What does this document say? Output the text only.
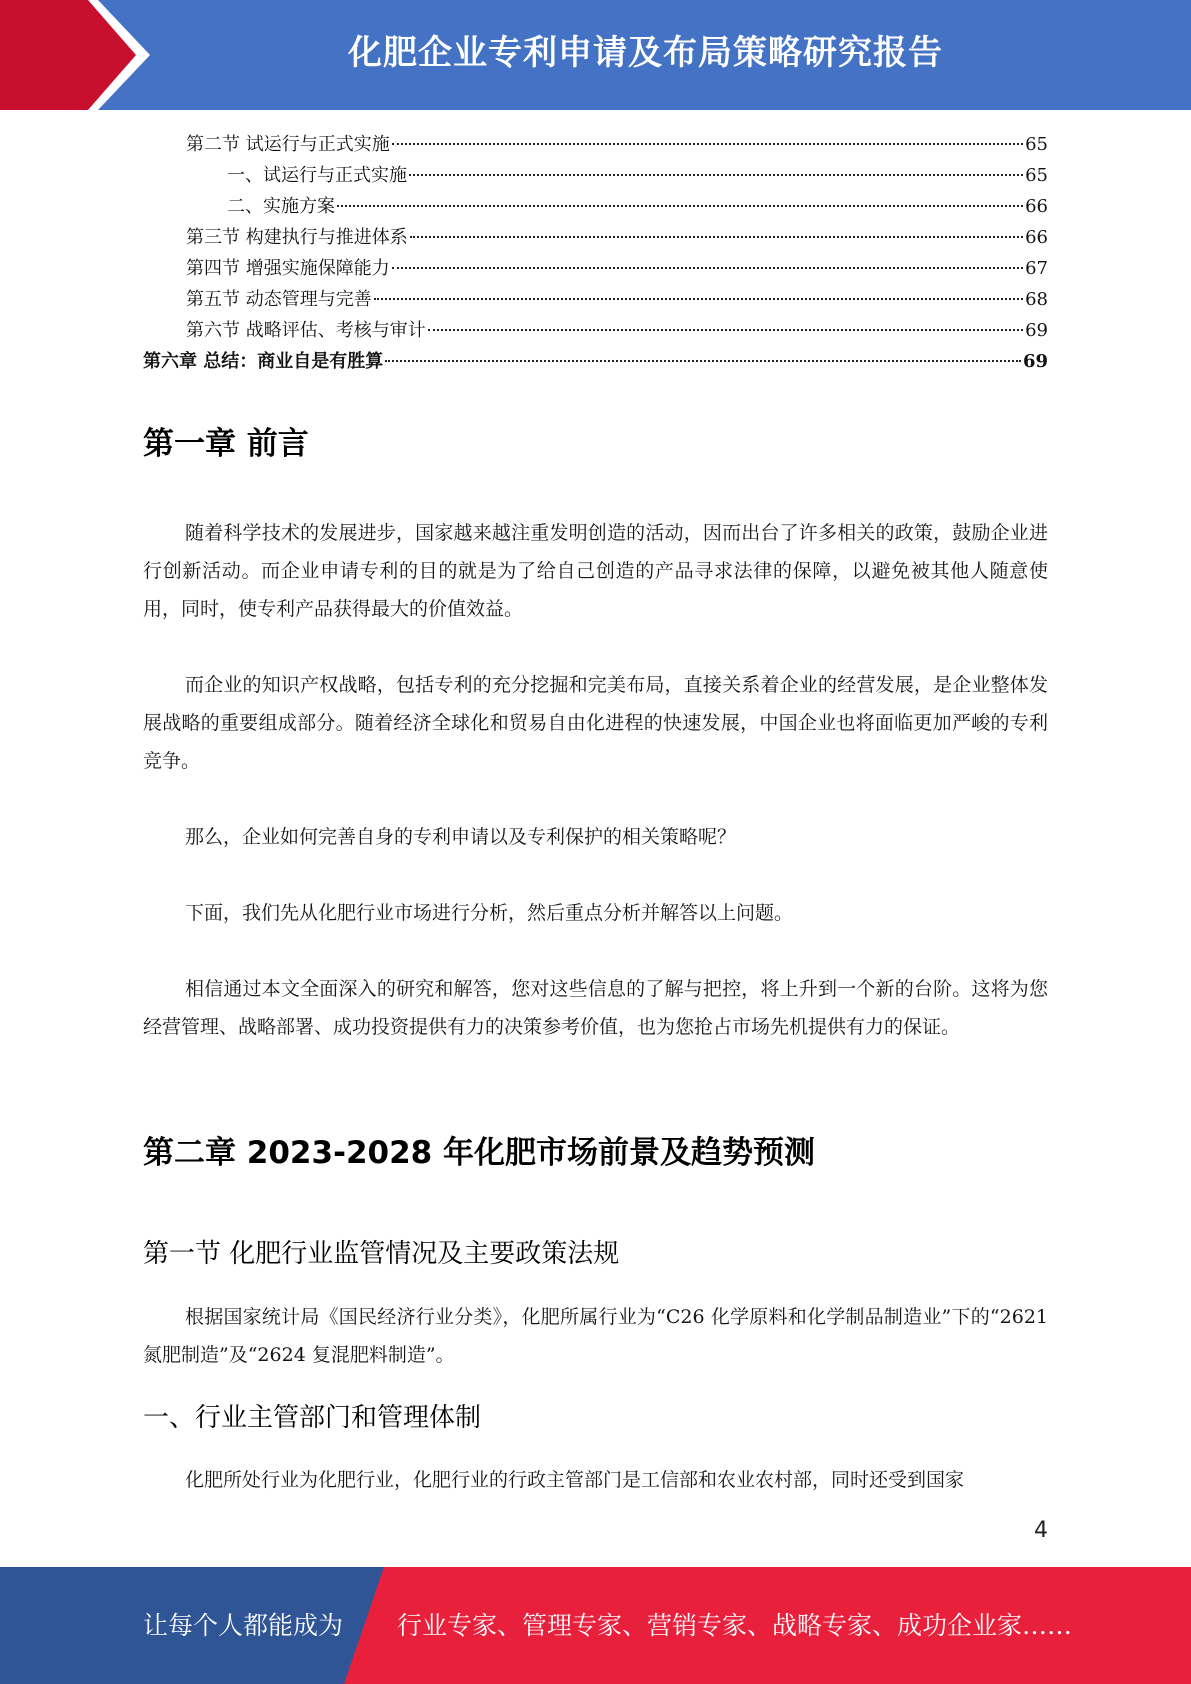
化肥企业专利申请及布局策略研究报告
第二节 试运行与正式实施	65
一、试运行与正式实施	65
二、实施方案	66
第三节 构建执行与推进体系	66
第四节 增强实施保障能力	67
第五节 动态管理与完善	68
第六节 战略评估、考核与审计	69
第六章 总结：商业自是有胜算	69
第一章 前言
随着科学技术的发展进步，国家越来越注重发明创造的活动，因而出台了许多相关的政策，鼓励企业进行创新活动。而企业申请专利的目的就是为了给自己创造的产品寻求法律的保障，以避免被其他人随意使用，同时，使专利产品获得最大的价值效益。
而企业的知识产权战略，包括专利的充分挖掘和完美布局，直接关系着企业的经营发展，是企业整体发展战略的重要组成部分。随着经济全球化和贸易自由化进程的快速发展，中国企业也将面临更加严峻的专利竞争。
那么，企业如何完善自身的专利申请以及专利保护的相关策略呢？
下面，我们先从化肥行业市场进行分析，然后重点分析并解答以上问题。
相信通过本文全面深入的研究和解答，您对这些信息的了解与把控，将上升到一个新的台阶。这将为您经营管理、战略部署、成功投资提供有力的决策参考价值，也为您抢占市场先机提供有力的保证。
第二章 2023-2028 年化肥市场前景及趋势预测
第一节 化肥行业监管情况及主要政策法规
根据国家统计局《国民经济行业分类》，化肥所属行业为“C26 化学原料和化学制品制造业”下的“2621 氮肥制造”及“2624 复混肥料制造”。
一、行业主管部门和管理体制
化肥所处行业为化肥行业，化肥行业的行政主管部门是工信部和农业农村部，同时还受到国家
4
让每个人都能成为 行业专家、管理专家、营销专家、战略专家、成功企业家……
